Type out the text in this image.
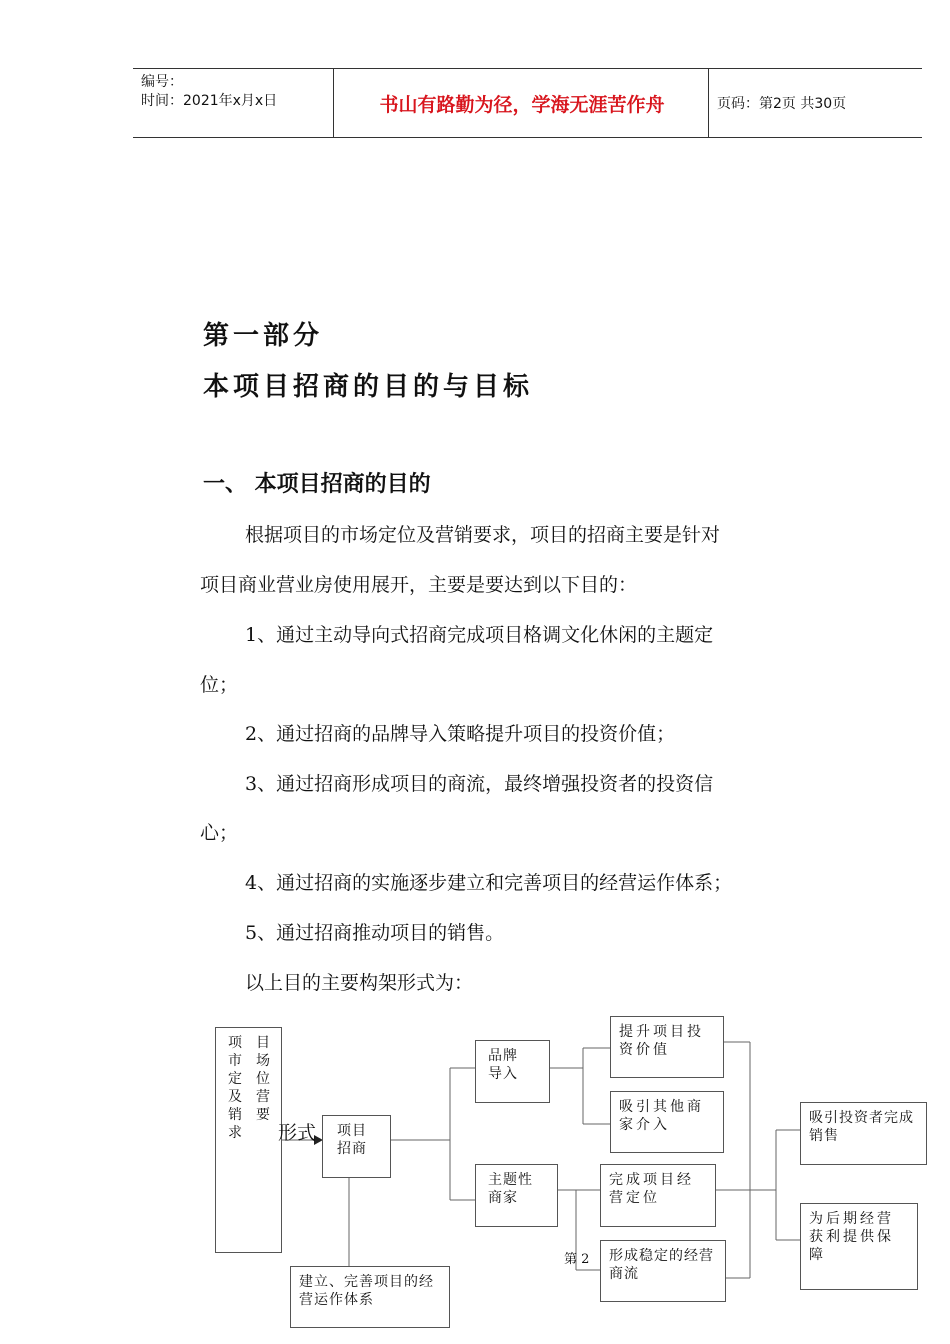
编号：
时间：2021年x月x日	书山有路勤为径，学海无涯苦作舟	页码：第2页 共30页
第一部分
本项目招商的目的与目标
一、 本项目招商的目的
根据项目的市场定位及营销要求，项目的招商主要是针对
项目商业营业房使用展开，主要是要达到以下目的：
1、通过主动导向式招商完成项目格调文化休闲的主题定
位；
2、通过招商的品牌导入策略提升项目的投资价值；
3、通过招商形成项目的商流，最终增强投资者的投资信
心；
4、通过招商的实施逐步建立和完善项目的经营运作体系；
5、通过招商推动项目的销售。
以上目的主要构架形式为：
项
市
定
及
销
求
目
场
位
营
要
形式	项目
招商
品牌
导入
主题性
商家
提升项目投资价值
吸引其他商家介入
完成项目经营定位
形成稳定的经营商流
吸引投资者完成销售
为后期经营获利提供保障
建立、完善项目的经营运作体系
第 2
